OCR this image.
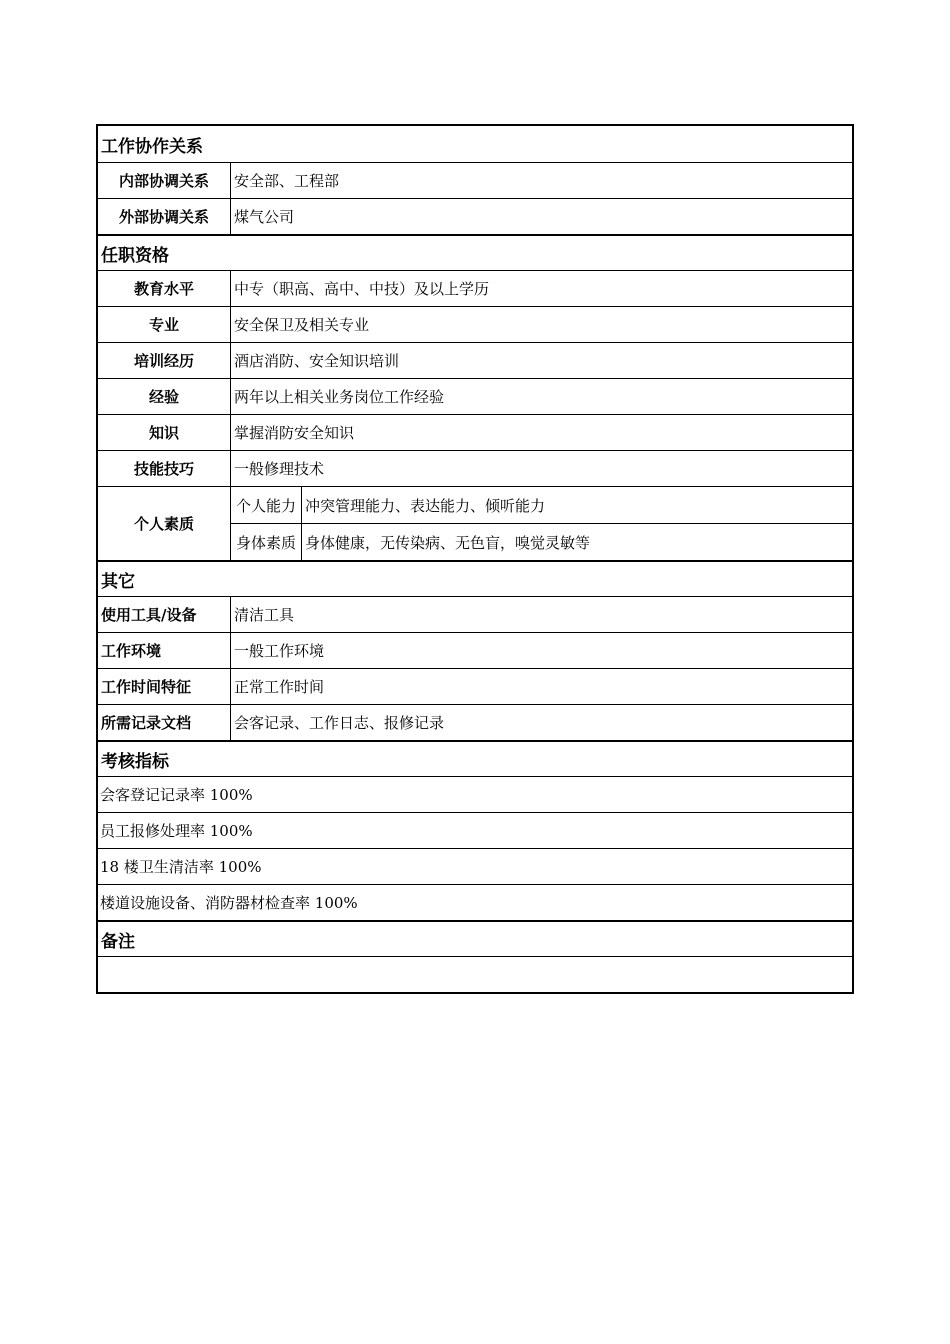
工作协作关系
内部协调关系	安全部、工程部
外部协调关系	煤气公司
任职资格
教育水平	中专（职高、高中、中技）及以上学历
专业	安全保卫及相关专业
培训经历	酒店消防、安全知识培训
经验	两年以上相关业务岗位工作经验
知识	掌握消防安全知识
技能技巧	一般修理技术
个人素质
个人能力 冲突管理能力、表达能力、倾听能力
身体素质 身体健康，无传染病、无色盲，嗅觉灵敏等
其它
使用工具/设备	清洁工具
工作环境	一般工作环境
工作时间特征	正常工作时间
所需记录文档	会客记录、工作日志、报修记录
考核指标
会客登记记录率 100%
员工报修处理率 100%
18 楼卫生清洁率 100%
楼道设施设备、消防器材检查率 100%
备注
